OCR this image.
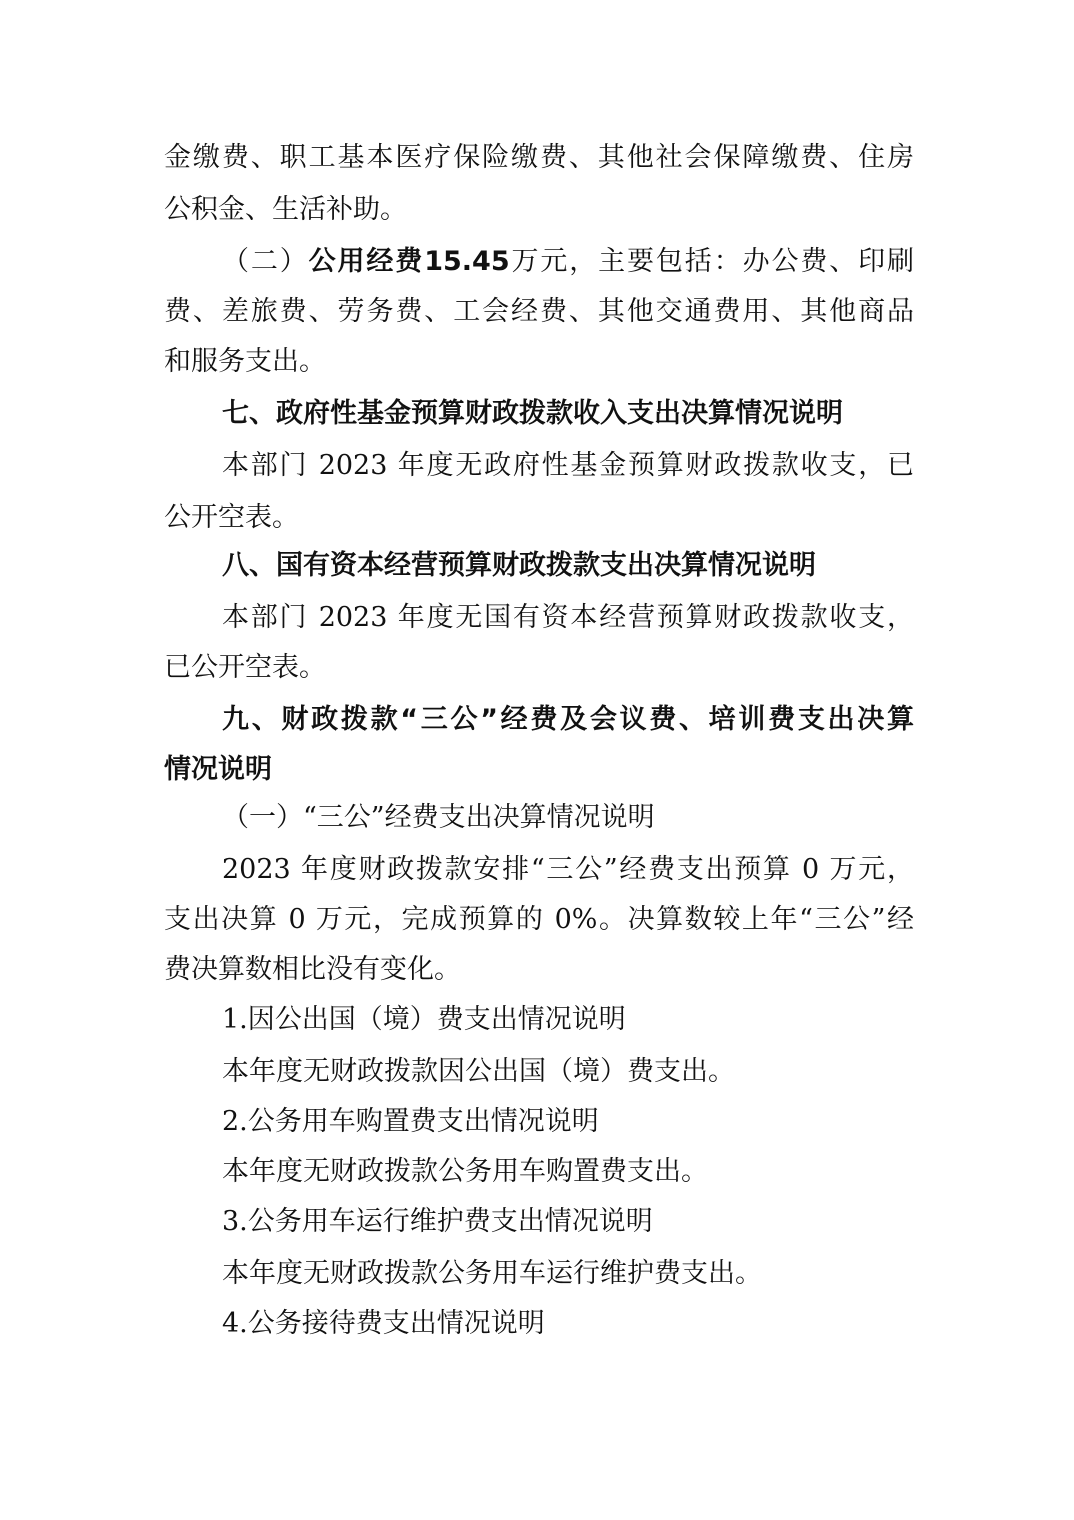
金缴费、职工基本医疗保险缴费、其他社会保障缴费、住房
公积金、生活补助。
（二）公用经费15.45万元，主要包括：办公费、印刷
费、差旅费、劳务费、工会经费、其他交通费用、其他商品
和服务支出。
七、政府性基金预算财政拨款收入支出决算情况说明
本部门 2023 年度无政府性基金预算财政拨款收支，已
公开空表。
八、国有资本经营预算财政拨款支出决算情况说明
本部门 2023 年度无国有资本经营预算财政拨款收支，
已公开空表。
九、财政拨款“三公”经费及会议费、培训费支出决算
情况说明
（一）“三公”经费支出决算情况说明
2023 年度财政拨款安排“三公”经费支出预算 0 万元，
支出决算 0 万元，完成预算的 0%。决算数较上年“三公”经
费决算数相比没有变化。
1.因公出国（境）费支出情况说明
本年度无财政拨款因公出国（境）费支出。
2.公务用车购置费支出情况说明
本年度无财政拨款公务用车购置费支出。
3.公务用车运行维护费支出情况说明
本年度无财政拨款公务用车运行维护费支出。
4.公务接待费支出情况说明
